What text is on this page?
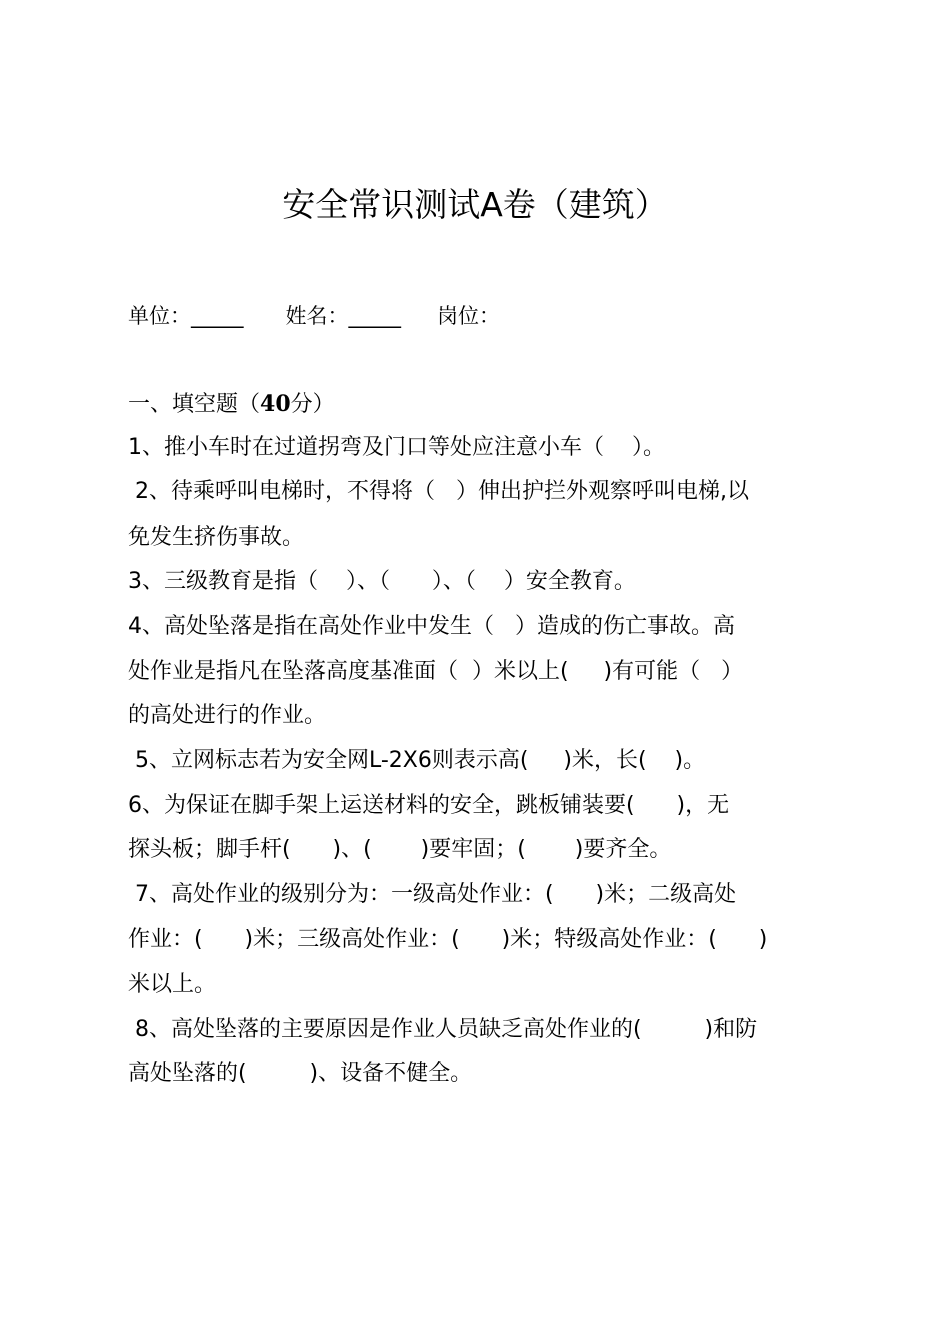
安全常识测试A卷（建筑）
单位：_____ 姓名：_____ 岗位：
一、填空题（40分）
1、推小车时在过道拐弯及门口等处应注意小车（    ）。
2、待乘呼叫电梯时，不得将（   ）伸出护拦外观察呼叫电梯,以
免发生挤伤事故。
3、三级教育是指（    ）、（      ）、（    ）安全教育。
4、高处坠落是指在高处作业中发生（   ）造成的伤亡事故。高
处作业是指凡在坠落高度基准面（  ）米以上(     )有可能（   ）
的高处进行的作业。
5、立网标志若为安全网L-2X6则表示高(     )米，长(    )。
6、为保证在脚手架上运送材料的安全，跳板铺装要(      )，无
探头板；脚手杆(      )、(       )要牢固；(       )要齐全。
7、高处作业的级别分为：一级高处作业：(      )米；二级高处
作业：(      )米；三级高处作业：(      )米；特级高处作业：(      )
米以上。
8、高处坠落的主要原因是作业人员缺乏高处作业的(         )和防
高处坠落的(         )、设备不健全。
